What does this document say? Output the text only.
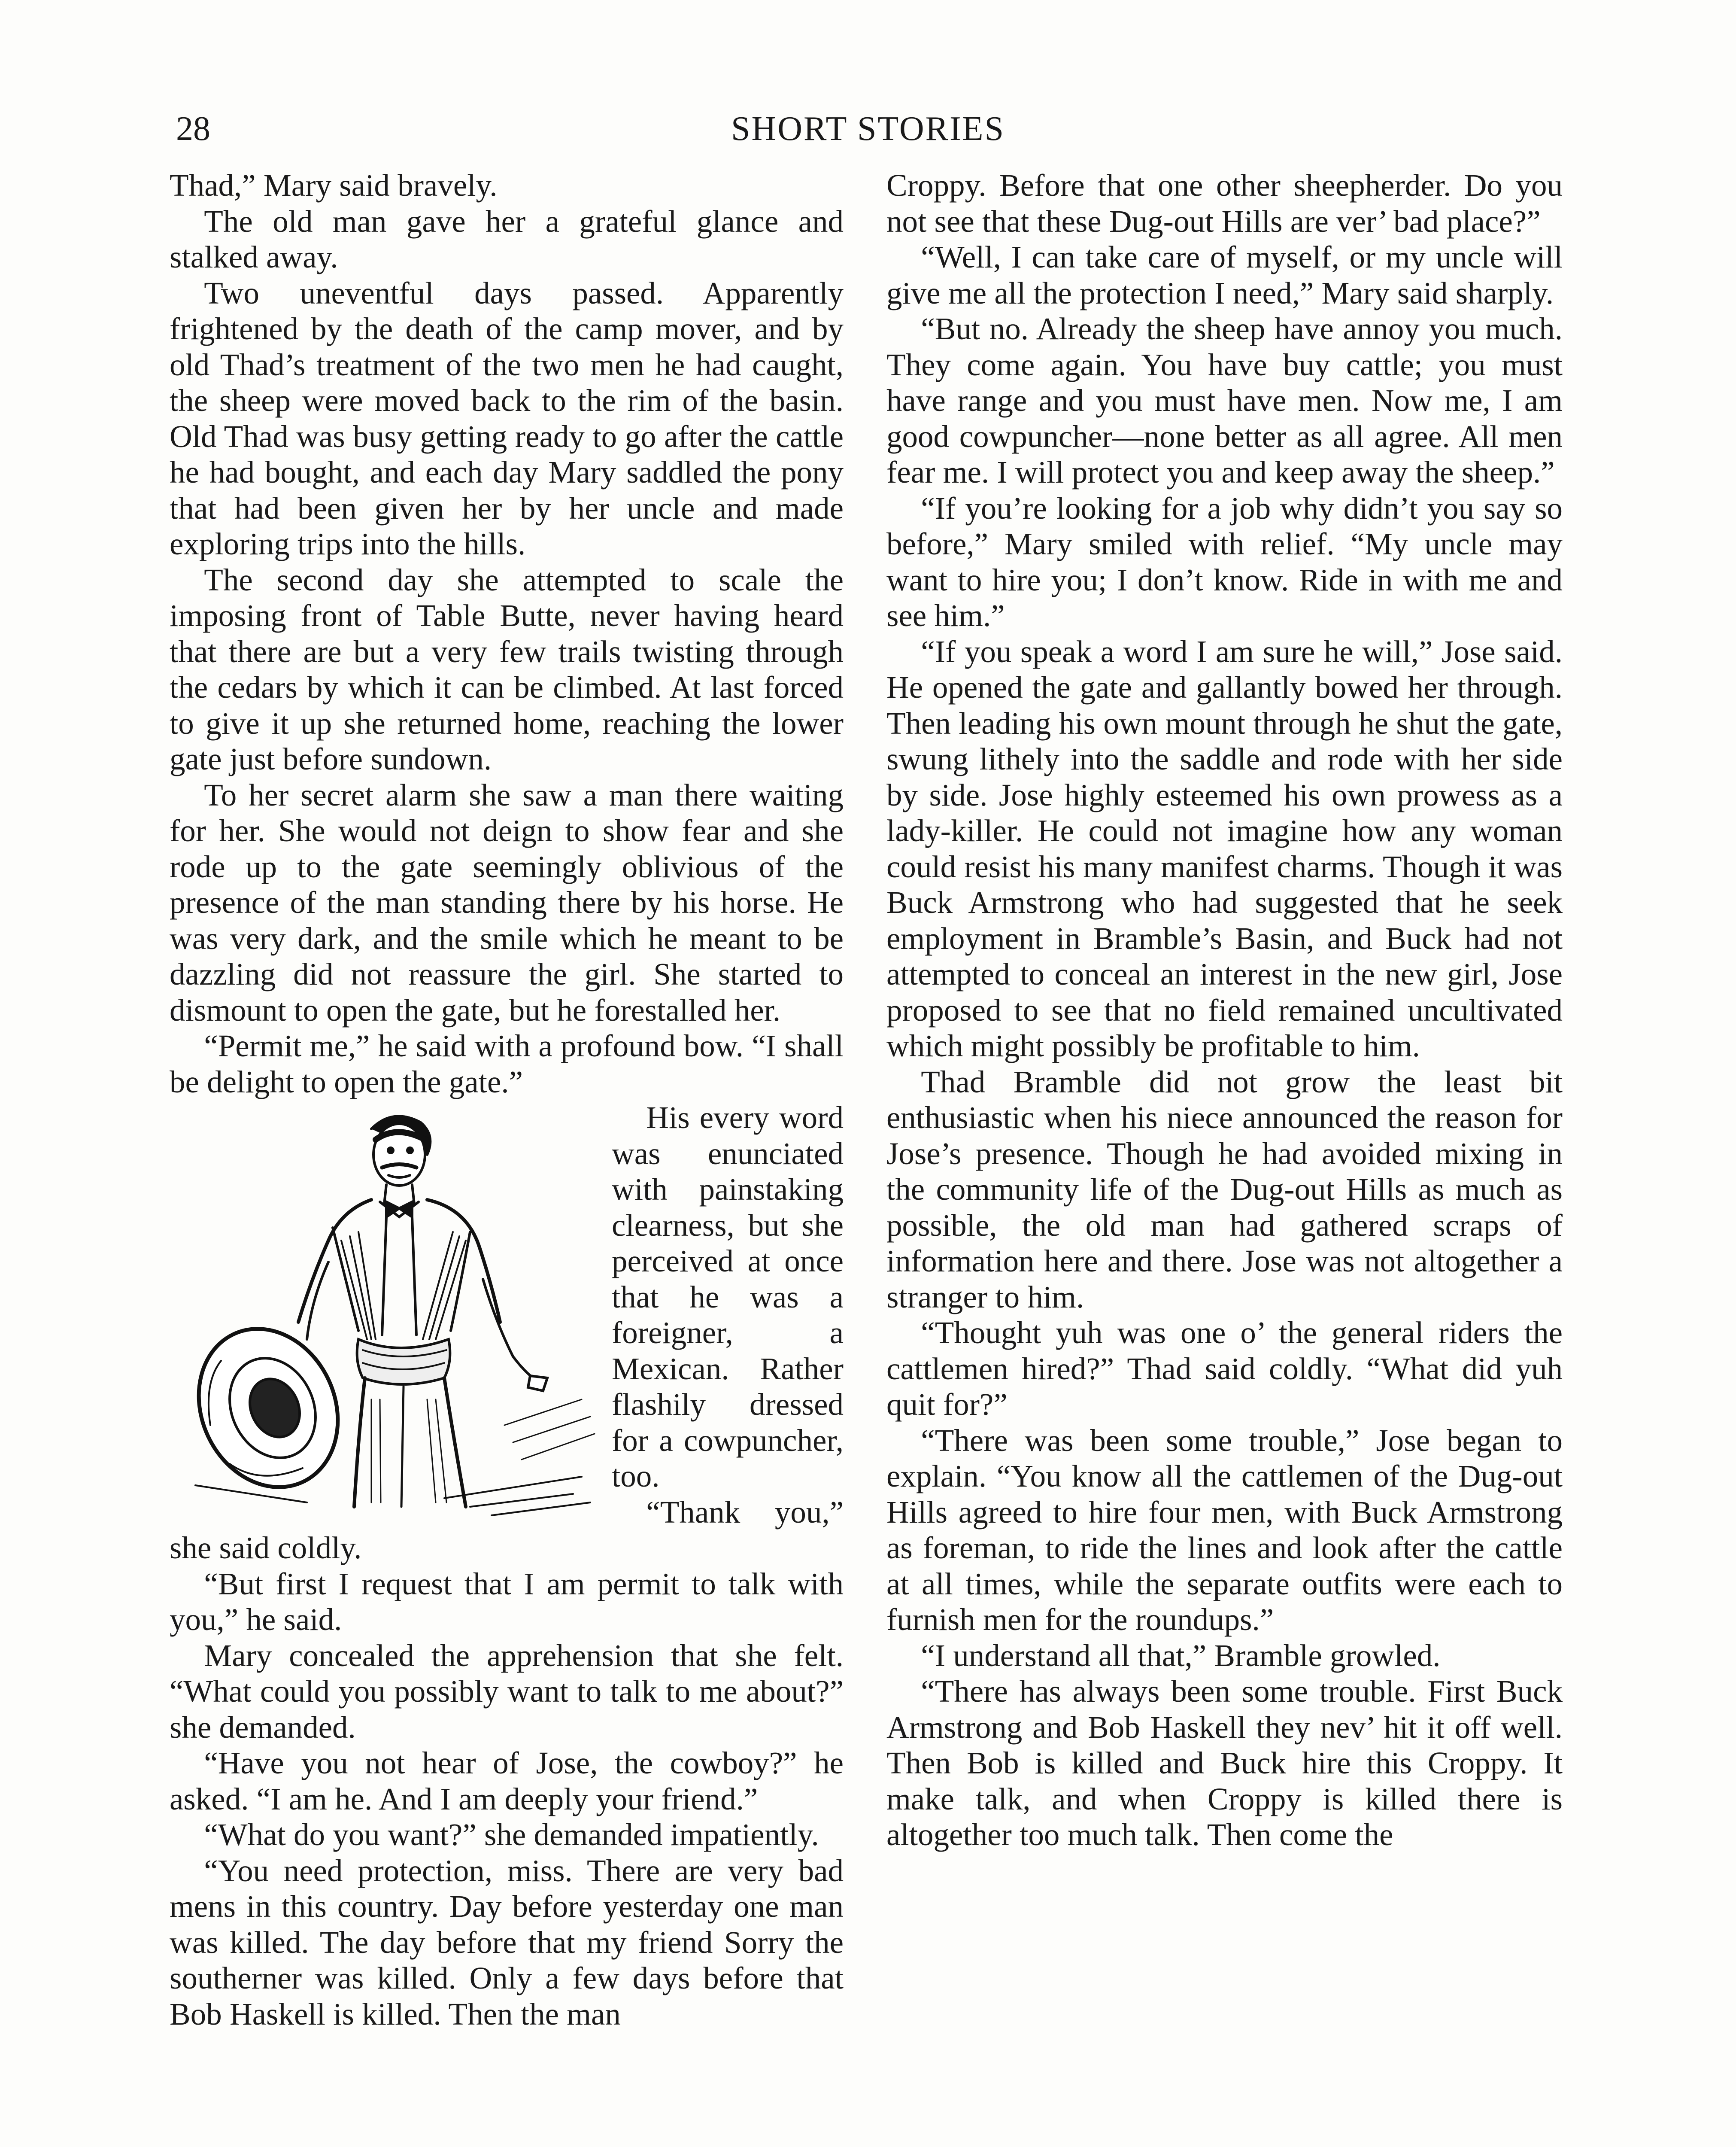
28	SHORT STORIES

Thad,” Mary said bravely.

The old man gave her a grateful glance and stalked away.

Two uneventful days passed. Apparently frightened by the death of the camp mover, and by old Thad’s treatment of the two men he had caught, the sheep were moved back to the rim of the basin. Old Thad was busy getting ready to go after the cattle he had bought, and each day Mary saddled the pony that had been given her by her uncle and made exploring trips into the hills.

The second day she attempted to scale the imposing front of Table Butte, never having heard that there are but a very few trails twisting through the cedars by which it can be climbed. At last forced to give it up she returned home, reaching the lower gate just before sundown.

To her secret alarm she saw a man there waiting for her. She would not deign to show fear and she rode up to the gate seemingly oblivious of the presence of the man standing there by his horse. He was very dark, and the smile which he meant to be dazzling did not reassure the girl. She started to dismount to open the gate, but he forestalled her.

“Permit me,” he said with a profound bow. “I shall be delight to open the gate.”

His every word was enunciated with painstaking clearness, but she perceived at once that he was a foreigner, a Mexican. Rather flashily dressed for a cowpuncher, too.

“Thank you,” she said coldly.

“But first I request that I am permit to talk with you,” he said.

Mary concealed the apprehension that she felt. “What could you possibly want to talk to me about?” she demanded.

“Have you not hear of Jose, the cowboy?” he asked. “I am he. And I am deeply your friend.”

“What do you want?” she demanded impatiently.

“You need protection, miss. There are very bad mens in this country. Day before yesterday one man was killed. The day before that my friend Sorry the southerner was killed. Only a few days before that Bob Haskell is killed. Then the man

Croppy. Before that one other sheepherder. Do you not see that these Dug-out Hills are ver’ bad place?”

“Well, I can take care of myself, or my uncle will give me all the protection I need,” Mary said sharply.

“But no. Already the sheep have annoy you much. They come again. You have buy cattle; you must have range and you must have men. Now me, I am good cowpuncher—none better as all agree. All men fear me. I will protect you and keep away the sheep.”

“If you’re looking for a job why didn’t you say so before,” Mary smiled with relief. “My uncle may want to hire you; I don’t know. Ride in with me and see him.”

“If you speak a word I am sure he will,” Jose said. He opened the gate and gallantly bowed her through. Then leading his own mount through he shut the gate, swung lithely into the saddle and rode with her side by side. Jose highly esteemed his own prowess as a lady-killer. He could not imagine how any woman could resist his many manifest charms. Though it was Buck Armstrong who had suggested that he seek employment in Bramble’s Basin, and Buck had not attempted to conceal an interest in the new girl, Jose proposed to see that no field remained uncultivated which might possibly be profitable to him.

Thad Bramble did not grow the least bit enthusiastic when his niece announced the reason for Jose’s presence. Though he had avoided mixing in the community life of the Dug-out Hills as much as possible, the old man had gathered scraps of information here and there. Jose was not altogether a stranger to him.

“Thought yuh was one o’ the general riders the cattlemen hired?” Thad said coldly. “What did yuh quit for?”

“There was been some trouble,” Jose began to explain. “You know all the cattlemen of the Dug-out Hills agreed to hire four men, with Buck Armstrong as foreman, to ride the lines and look after the cattle at all times, while the separate outfits were each to furnish men for the roundups.”

“I understand all that,” Bramble growled.

“There has always been some trouble. First Buck Armstrong and Bob Haskell they nev’ hit it off well. Then Bob is killed and Buck hire this Croppy. It make talk, and when Croppy is killed there is altogether too much talk. Then come the
